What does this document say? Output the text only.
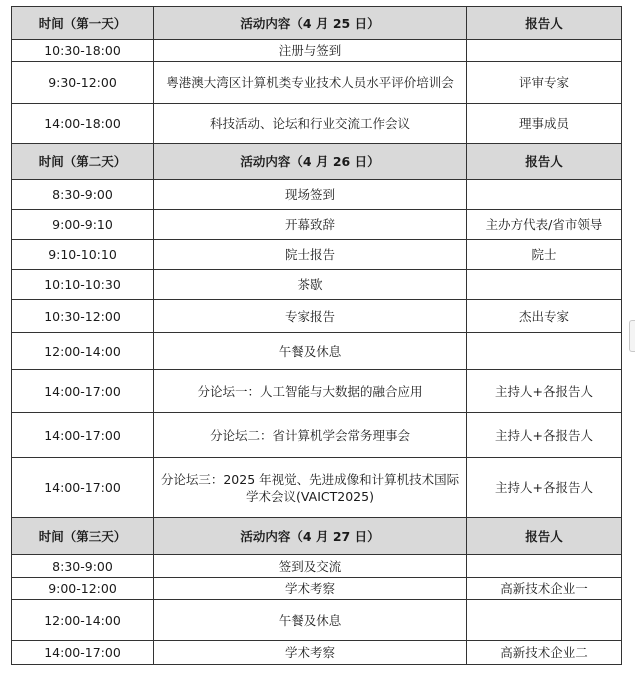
时间（第一天）	活动内容（4 月 25 日）	报告人
10:30-18:00	注册与签到	
9:30-12:00	粤港澳大湾区计算机类专业技术人员水平评价培训会	评审专家
14:00-18:00	科技活动、论坛和行业交流工作会议	理事成员
时间（第二天）	活动内容（4 月 26 日）	报告人
8:30-9:00	现场签到	
9:00-9:10	开幕致辞	主办方代表/省市领导
9:10-10:10	院士报告	院士
10:10-10:30	茶歇	
10:30-12:00	专家报告	杰出专家
12:00-14:00	午餐及休息	
14:00-17:00	分论坛一：人工智能与大数据的融合应用	主持人+各报告人
14:00-17:00	分论坛二：省计算机学会常务理事会	主持人+各报告人
14:00-17:00	分论坛三：2025 年视觉、先进成像和计算机技术国际学术会议(VAICT2025)	主持人+各报告人
时间（第三天）	活动内容（4 月 27 日）	报告人
8:30-9:00	签到及交流	
9:00-12:00	学术考察	高新技术企业一
12:00-14:00	午餐及休息	
14:00-17:00	学术考察	高新技术企业二
